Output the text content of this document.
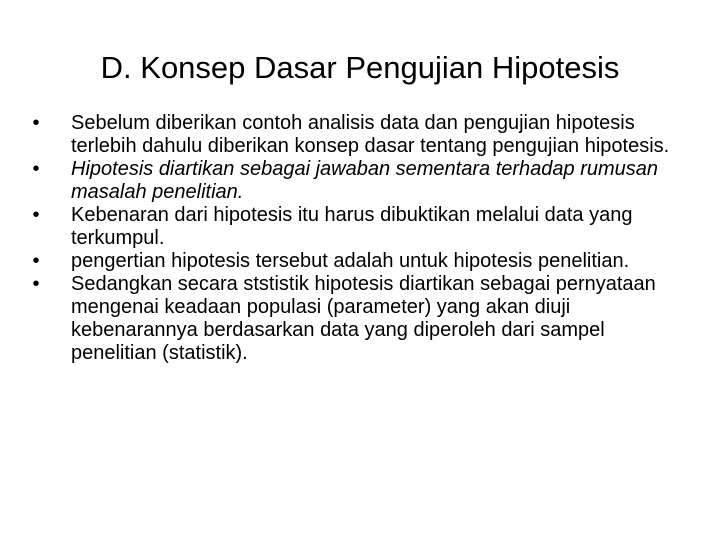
D. Konsep Dasar Pengujian Hipotesis
• Sebelum diberikan contoh analisis data dan pengujian hipotesis terlebih dahulu diberikan konsep dasar tentang pengujian hipotesis.
• Hipotesis diartikan sebagai jawaban sementara terhadap rumusan masalah penelitian.
• Kebenaran dari hipotesis itu harus dibuktikan melalui data yang terkumpul.
• pengertian hipotesis tersebut adalah untuk hipotesis penelitian.
• Sedangkan secara ststistik hipotesis diartikan sebagai pernyataan mengenai keadaan populasi (parameter) yang akan diuji kebenarannya berdasarkan data yang diperoleh dari sampel penelitian (statistik).
